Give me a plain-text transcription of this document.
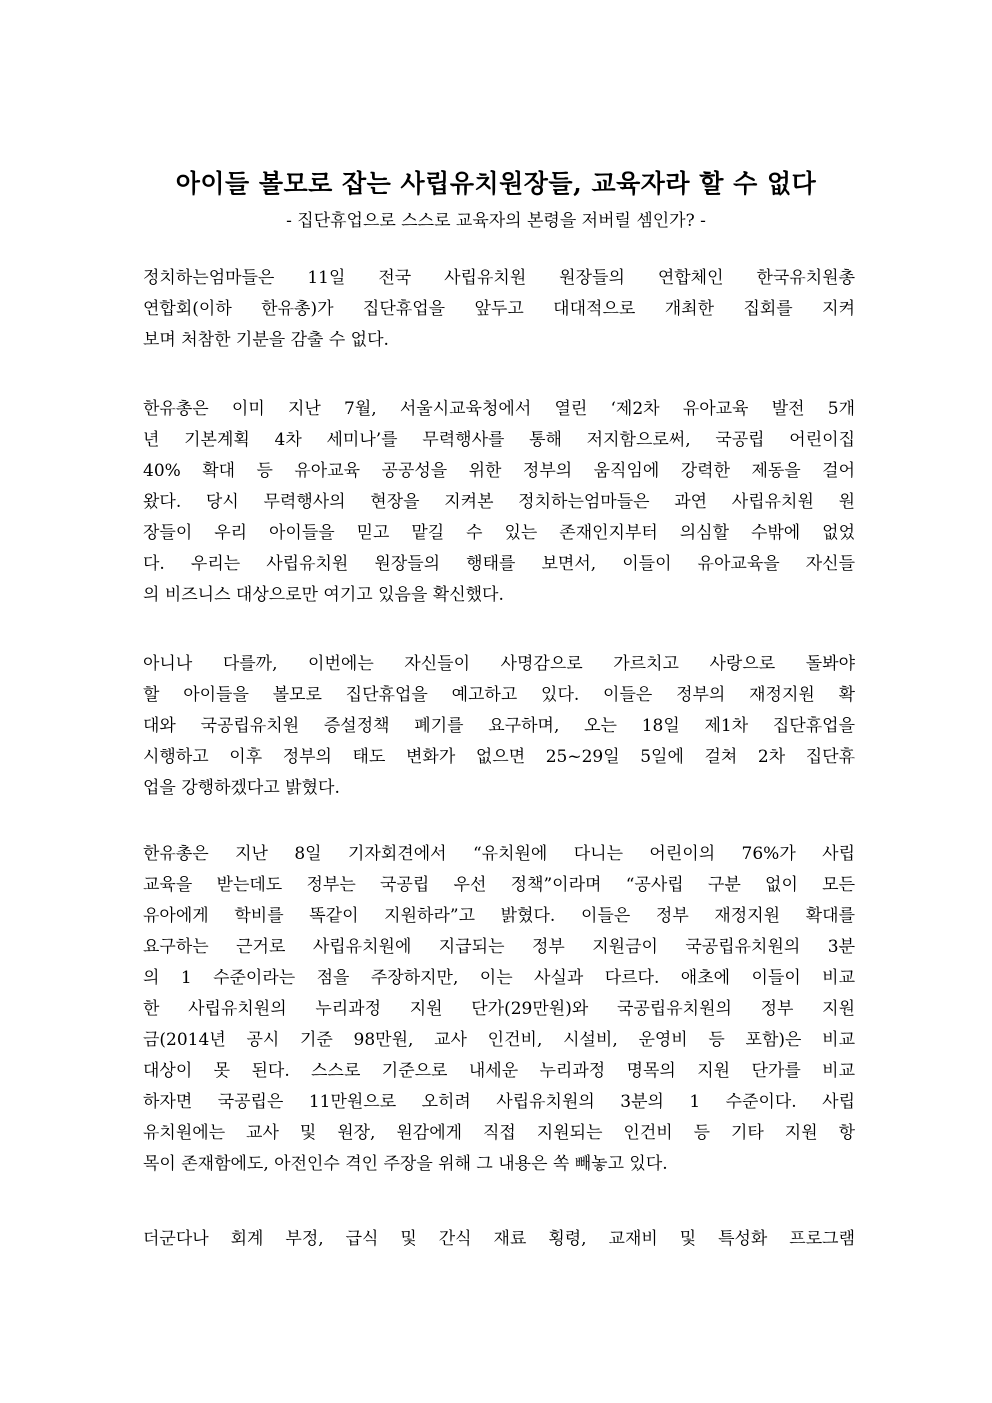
아이들 볼모로 잡는 사립유치원장들, 교육자라 할 수 없다
- 집단휴업으로 스스로 교육자의 본령을 저버릴 셈인가? -
정치하는엄마들은 11일 전국 사립유치원 원장들의 연합체인 한국유치원총
연합회(이하 한유총)가 집단휴업을 앞두고 대대적으로 개최한 집회를 지켜
보며 처참한 기분을 감출 수 없다.
한유총은 이미 지난 7월, 서울시교육청에서 열린 ‘제2차 유아교육 발전 5개
년 기본계획 4차 세미나’를 무력행사를 통해 저지함으로써, 국공립 어린이집
40% 확대 등 유아교육 공공성을 위한 정부의 움직임에 강력한 제동을 걸어
왔다. 당시 무력행사의 현장을 지켜본 정치하는엄마들은 과연 사립유치원 원
장들이 우리 아이들을 믿고 맡길 수 있는 존재인지부터 의심할 수밖에 없었
다. 우리는 사립유치원 원장들의 행태를 보면서, 이들이 유아교육을 자신들
의 비즈니스 대상으로만 여기고 있음을 확신했다.
아니나 다를까, 이번에는 자신들이 사명감으로 가르치고 사랑으로 돌봐야
할 아이들을 볼모로 집단휴업을 예고하고 있다. 이들은 정부의 재정지원 확
대와 국공립유치원 증설정책 폐기를 요구하며, 오는 18일 제1차 집단휴업을
시행하고 이후 정부의 태도 변화가 없으면 25~29일 5일에 걸쳐 2차 집단휴
업을 강행하겠다고 밝혔다.
한유총은 지난 8일 기자회견에서 “유치원에 다니는 어린이의 76%가 사립
교육을 받는데도 정부는 국공립 우선 정책”이라며 “공사립 구분 없이 모든
유아에게 학비를 똑같이 지원하라”고 밝혔다. 이들은 정부 재정지원 확대를
요구하는 근거로 사립유치원에 지급되는 정부 지원금이 국공립유치원의 3분
의 1 수준이라는 점을 주장하지만, 이는 사실과 다르다. 애초에 이들이 비교
한 사립유치원의 누리과정 지원 단가(29만원)와 국공립유치원의 정부 지원
금(2014년 공시 기준 98만원, 교사 인건비, 시설비, 운영비 등 포함)은 비교
대상이 못 된다. 스스로 기준으로 내세운 누리과정 명목의 지원 단가를 비교
하자면 국공립은 11만원으로 오히려 사립유치원의 3분의 1 수준이다. 사립
유치원에는 교사 및 원장, 원감에게 직접 지원되는 인건비 등 기타 지원 항
목이 존재함에도, 아전인수 격인 주장을 위해 그 내용은 쏙 빼놓고 있다.
더군다나 회계 부정, 급식 및 간식 재료 횡령, 교재비 및 특성화 프로그램
